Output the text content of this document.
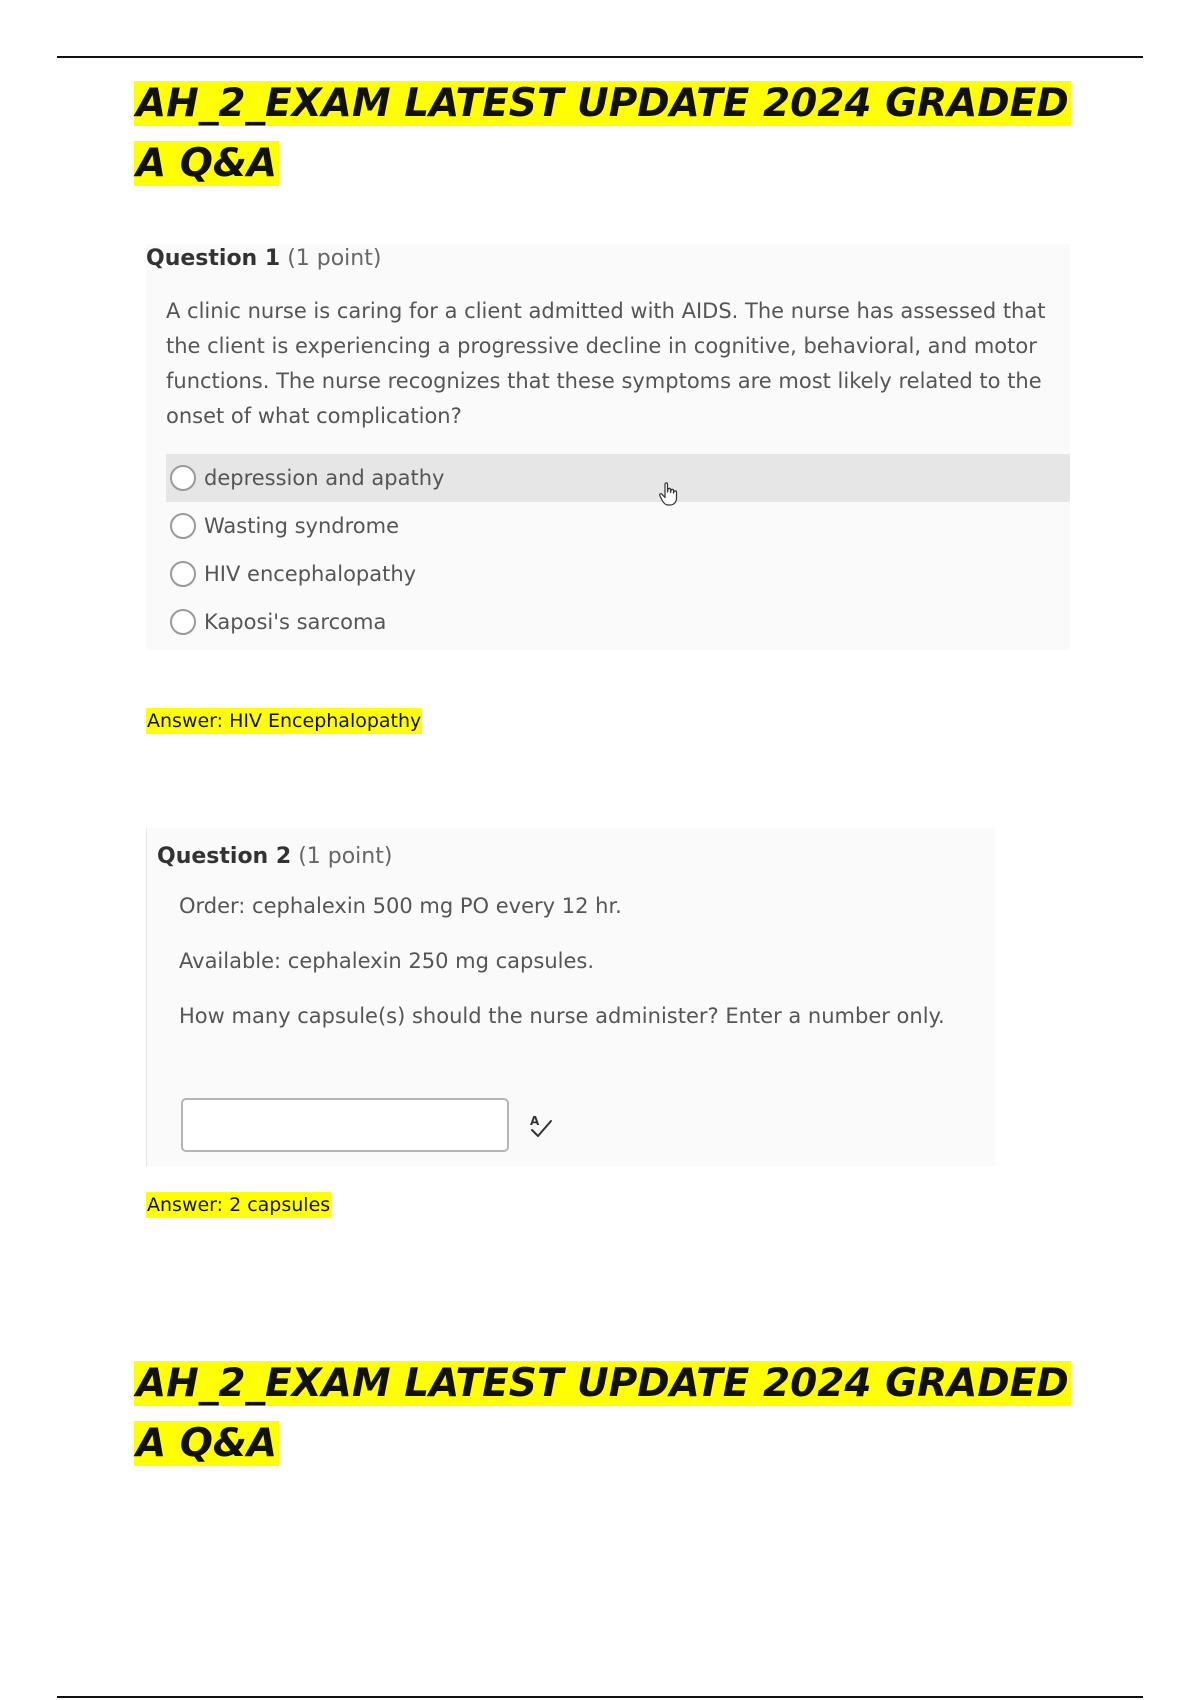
AH_2_EXAM LATEST UPDATE 2024 GRADED A Q&A
Question 1 (1 point)

A clinic nurse is caring for a client admitted with AIDS. The nurse has assessed that the client is experiencing a progressive decline in cognitive, behavioral, and motor functions. The nurse recognizes that these symptoms are most likely related to the onset of what complication?

depression and apathy
Wasting syndrome
HIV encephalopathy
Kaposi's sarcoma

Answer: HIV Encephalopathy

Question 2 (1 point)

Order: cephalexin 500 mg PO every 12 hr.

Available: cephalexin 250 mg capsules.

How many capsule(s) should the nurse administer? Enter a number only.

A

Answer: 2 capsules

AH_2_EXAM LATEST UPDATE 2024 GRADED A Q&A
